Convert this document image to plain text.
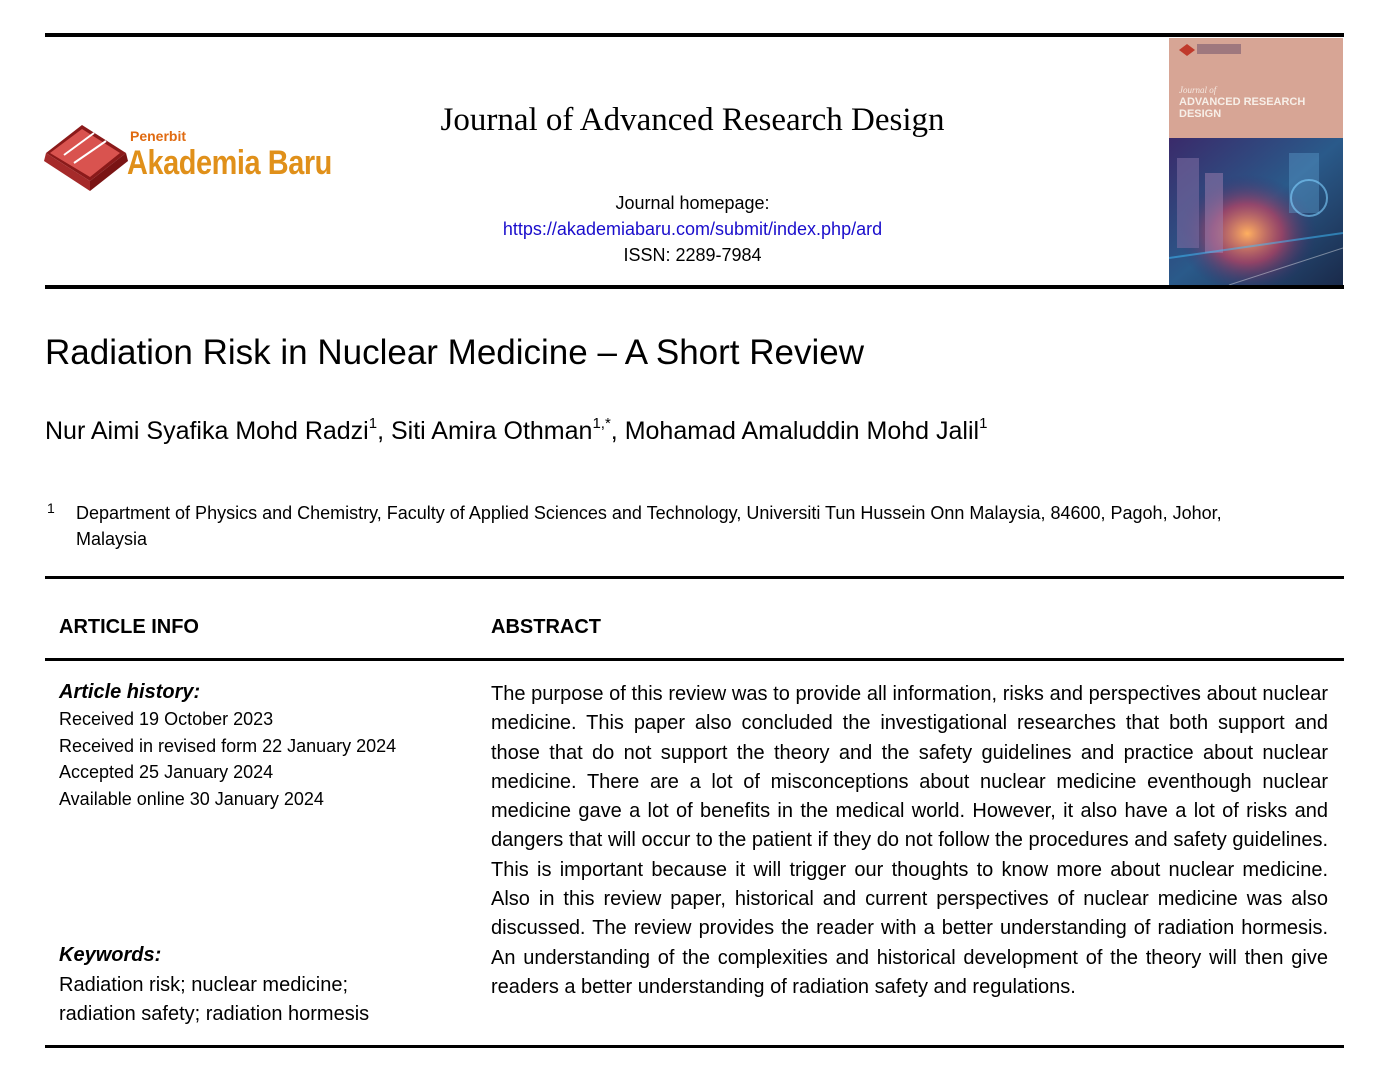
Penerbit
Akademia Baru
Journal of Advanced Research Design
Journal homepage:
https://akademiabaru.com/submit/index.php/ard
ISSN: 2289-7984
Journal of
ADVANCED RESEARCH DESIGN
Radiation Risk in Nuclear Medicine – A Short Review
Nur Aimi Syafika Mohd Radzi$^1$, Siti Amira Othman$^{1,*}$, Mohamad Amaluddin Mohd Jalil$^1$
1 Department of Physics and Chemistry, Faculty of Applied Sciences and Technology, Universiti Tun Hussein Onn Malaysia, 84600, Pagoh, Johor,
Malaysia
ARTICLE INFO	ABSTRACT
Article history:
Received 19 October 2023
Received in revised form 22 January 2024
Accepted 25 January 2024
Available online 30 January 2024
Keywords:
Radiation risk; nuclear medicine;
radiation safety; radiation hormesis
The purpose of this review was to provide all information, risks and perspectives about nuclear medicine. This paper also concluded the investigational researches that both support and those that do not support the theory and the safety guidelines and practice about nuclear medicine. There are a lot of misconceptions about nuclear medicine eventhough nuclear medicine gave a lot of benefits in the medical world. However, it also have a lot of risks and dangers that will occur to the patient if they do not follow the procedures and safety guidelines. This is important because it will trigger our thoughts to know more about nuclear medicine. Also in this review paper, historical and current perspectives of nuclear medicine was also discussed. The review provides the reader with a better understanding of radiation hormesis. An understanding of the complexities and historical development of the theory will then give readers a better understanding of radiation safety and regulations.
